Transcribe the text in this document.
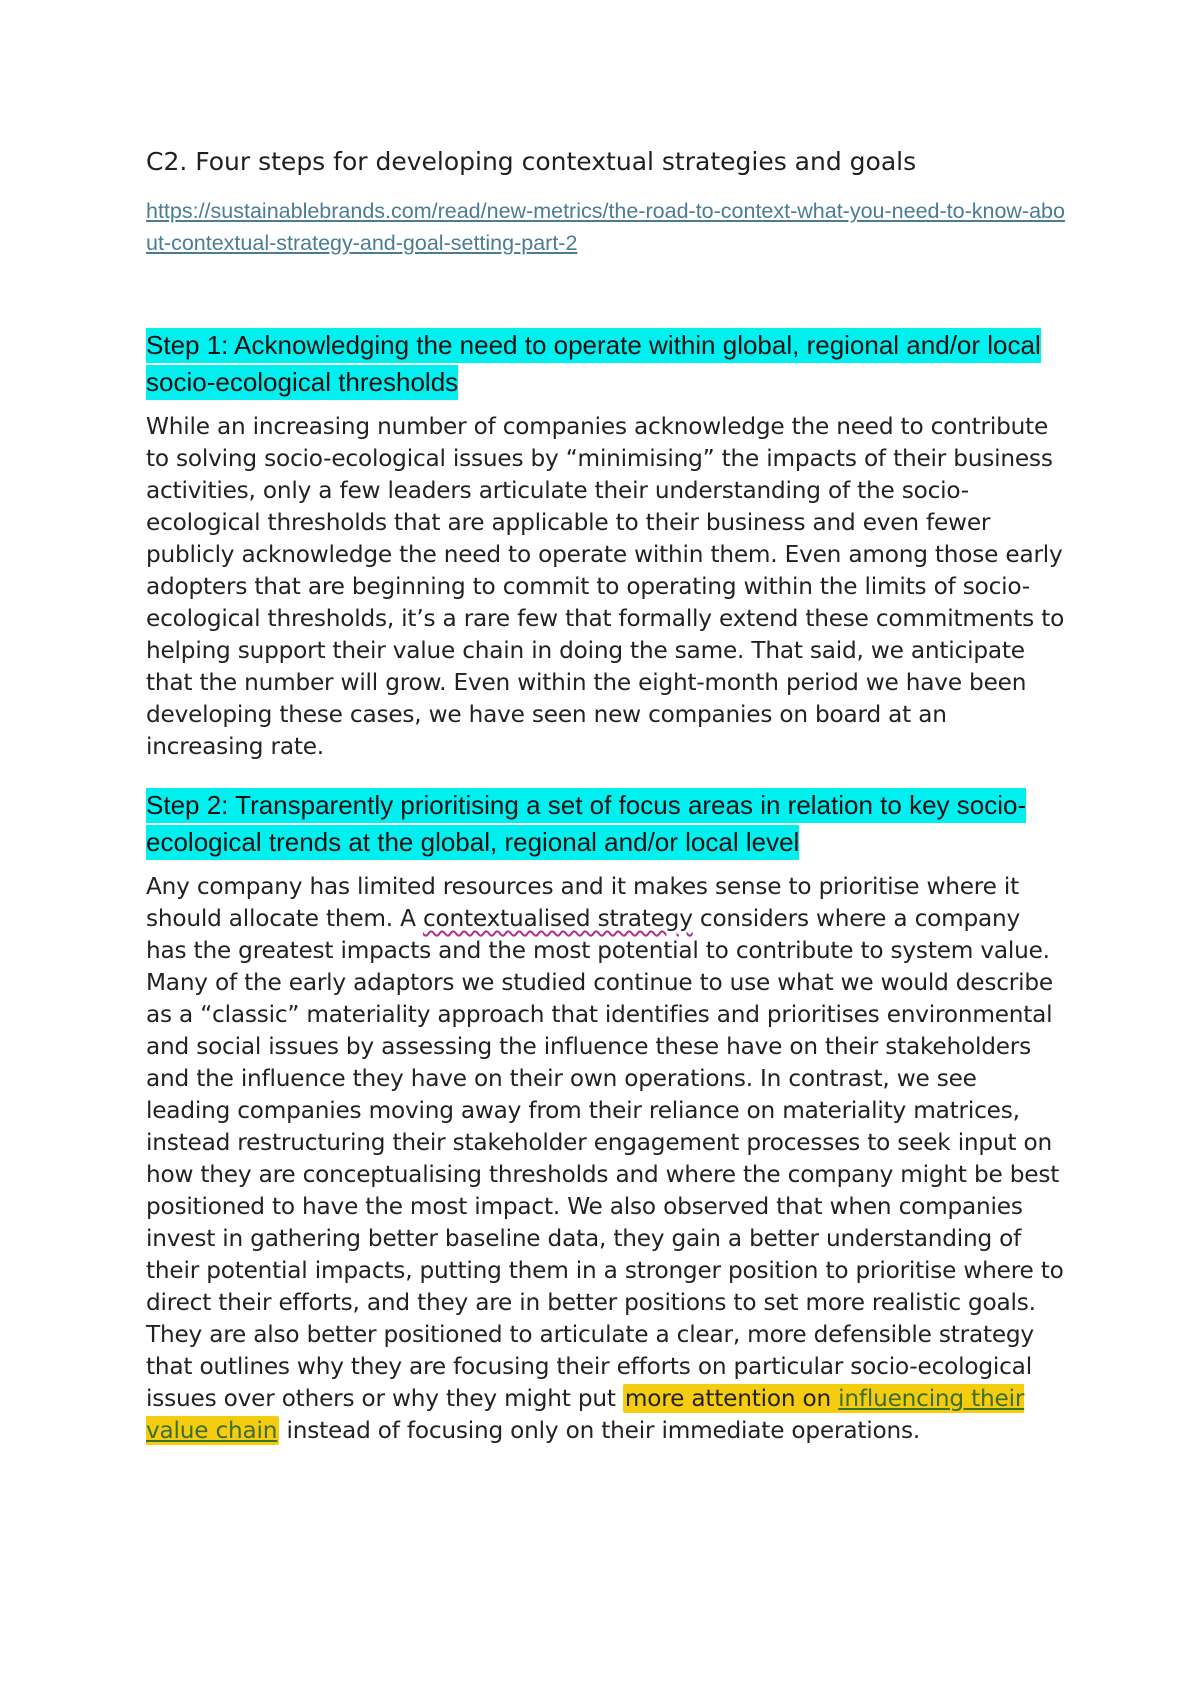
C2. Four steps for developing contextual strategies and goals
https://sustainablebrands.com/read/new-metrics/the-road-to-context-what-you-need-to-know-about-contextual-strategy-and-goal-setting-part-2
Step 1: Acknowledging the need to operate within global, regional and/or local socio-ecological thresholds

While an increasing number of companies acknowledge the need to contribute to solving socio-ecological issues by “minimising” the impacts of their business activities, only a few leaders articulate their understanding of the socio-ecological thresholds that are applicable to their business and even fewer publicly acknowledge the need to operate within them. Even among those early adopters that are beginning to commit to operating within the limits of socio-ecological thresholds, it’s a rare few that formally extend these commitments to helping support their value chain in doing the same. That said, we anticipate that the number will grow. Even within the eight-month period we have been developing these cases, we have seen new companies on board at an increasing rate.

Step 2: Transparently prioritising a set of focus areas in relation to key socio-ecological trends at the global, regional and/or local level

Any company has limited resources and it makes sense to prioritise where it should allocate them. A contextualised strategy considers where a company has the greatest impacts and the most potential to contribute to system value. Many of the early adaptors we studied continue to use what we would describe as a “classic” materiality approach that identifies and prioritises environmental and social issues by assessing the influence these have on their stakeholders and the influence they have on their own operations. In contrast, we see leading companies moving away from their reliance on materiality matrices, instead restructuring their stakeholder engagement processes to seek input on how they are conceptualising thresholds and where the company might be best positioned to have the most impact. We also observed that when companies invest in gathering better baseline data, they gain a better understanding of their potential impacts, putting them in a stronger position to prioritise where to direct their efforts, and they are in better positions to set more realistic goals. They are also better positioned to articulate a clear, more defensible strategy that outlines why they are focusing their efforts on particular socio-ecological issues over others or why they might put more attention on influencing their value chain instead of focusing only on their immediate operations.
